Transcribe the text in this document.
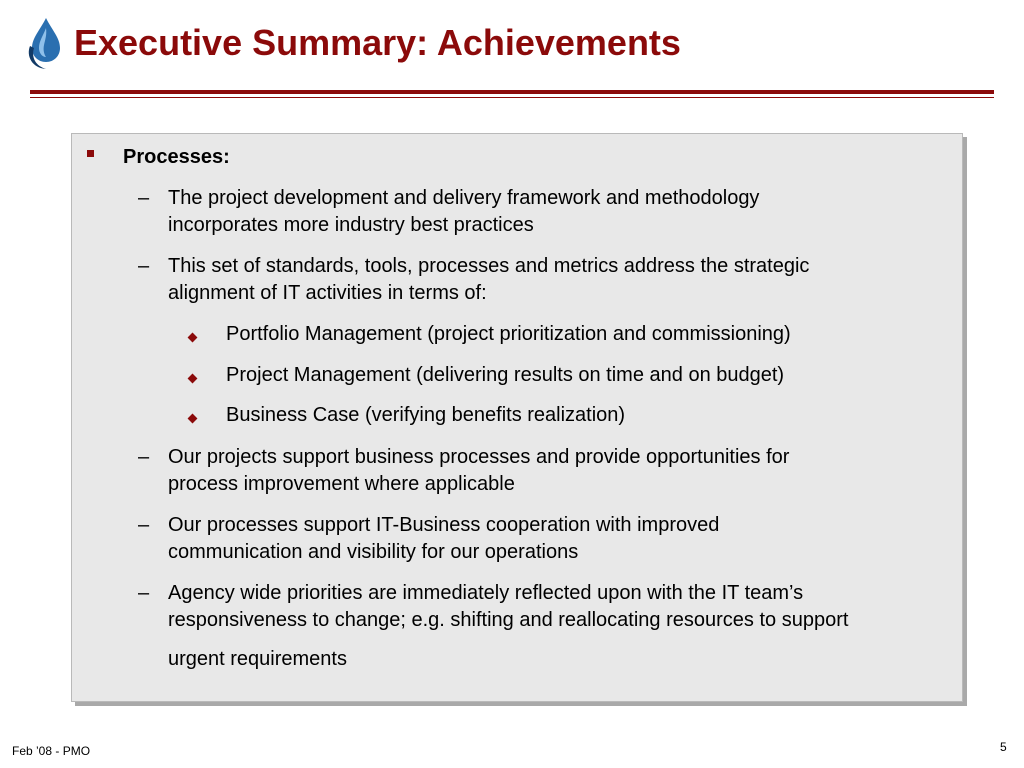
Executive Summary: Achievements
Processes:
– The project development and delivery framework and methodology
incorporates more industry best practices
– This set of standards, tools, processes and metrics address the strategic
alignment of IT activities in terms of:
Portfolio Management (project prioritization and commissioning)
Project Management (delivering results on time and on budget)
Business Case (verifying benefits realization)
– Our projects support business processes and provide opportunities for
process improvement where applicable
– Our processes support IT-Business cooperation with improved
communication and visibility for our operations
– Agency wide priorities are immediately reflected upon with the IT team’s
responsiveness to change; e.g. shifting and reallocating resources to support
urgent requirements
Feb ’08 - PMO	5
